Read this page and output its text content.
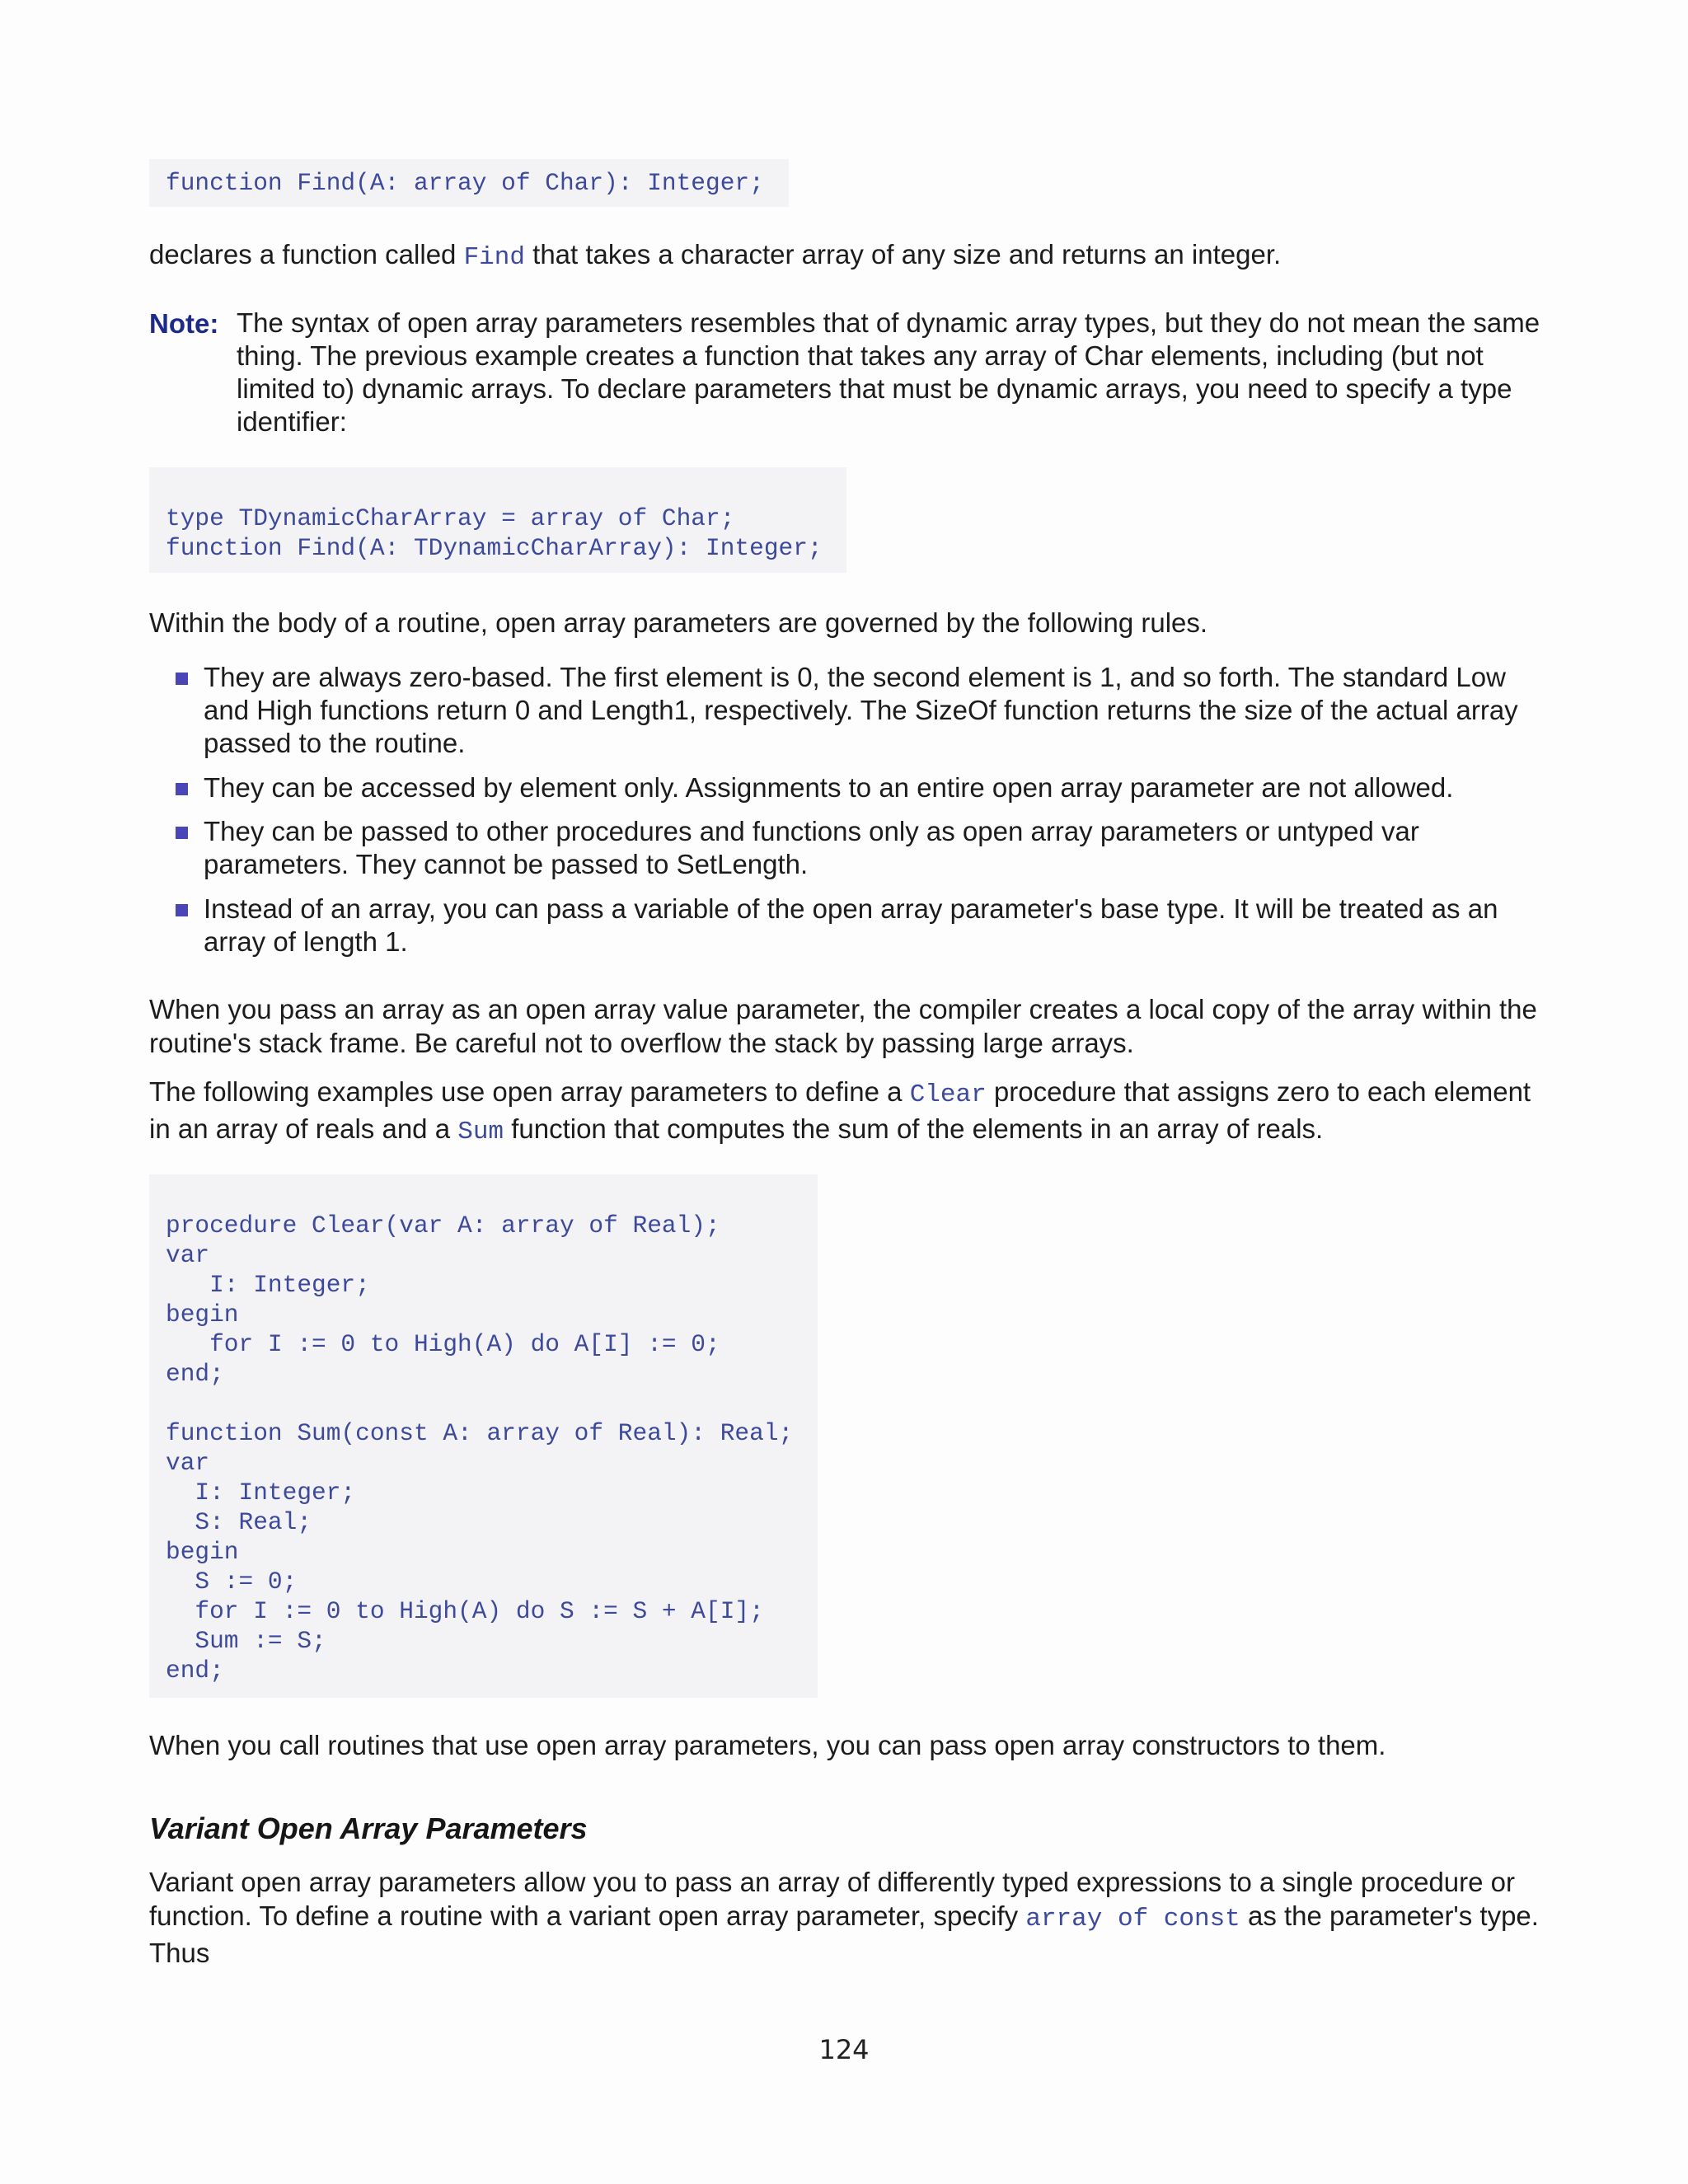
function Find(A: array of Char): Integer;
declares a function called Find that takes a character array of any size and returns an integer.
Note: The syntax of open array parameters resembles that of dynamic array types, but they do not mean the same thing. The previous example creates a function that takes any array of Char elements, including (but not limited to) dynamic arrays. To declare parameters that must be dynamic arrays, you need to specify a type identifier:
type TDynamicCharArray = array of Char;
function Find(A: TDynamicCharArray): Integer;
Within the body of a routine, open array parameters are governed by the following rules.
They are always zero-based. The first element is 0, the second element is 1, and so forth. The standard Low and High functions return 0 and Length1, respectively. The SizeOf function returns the size of the actual array passed to the routine.
They can be accessed by element only. Assignments to an entire open array parameter are not allowed.
They can be passed to other procedures and functions only as open array parameters or untyped var parameters. They cannot be passed to SetLength.
Instead of an array, you can pass a variable of the open array parameter's base type. It will be treated as an array of length 1.
When you pass an array as an open array value parameter, the compiler creates a local copy of the array within the routine's stack frame. Be careful not to overflow the stack by passing large arrays.
The following examples use open array parameters to define a Clear procedure that assigns zero to each element in an array of reals and a Sum function that computes the sum of the elements in an array of reals.
procedure Clear(var A: array of Real);
var
I: Integer;
begin
for I := 0 to High(A) do A[I] := 0;
end;
function Sum(const A: array of Real): Real;
var
I: Integer;
S: Real;
begin
S := 0;
for I := 0 to High(A) do S := S + A[I];
Sum := S;
end;
When you call routines that use open array parameters, you can pass open array constructors to them.
Variant Open Array Parameters
Variant open array parameters allow you to pass an array of differently typed expressions to a single procedure or function. To define a routine with a variant open array parameter, specify array of const as the parameter's type. Thus
124
